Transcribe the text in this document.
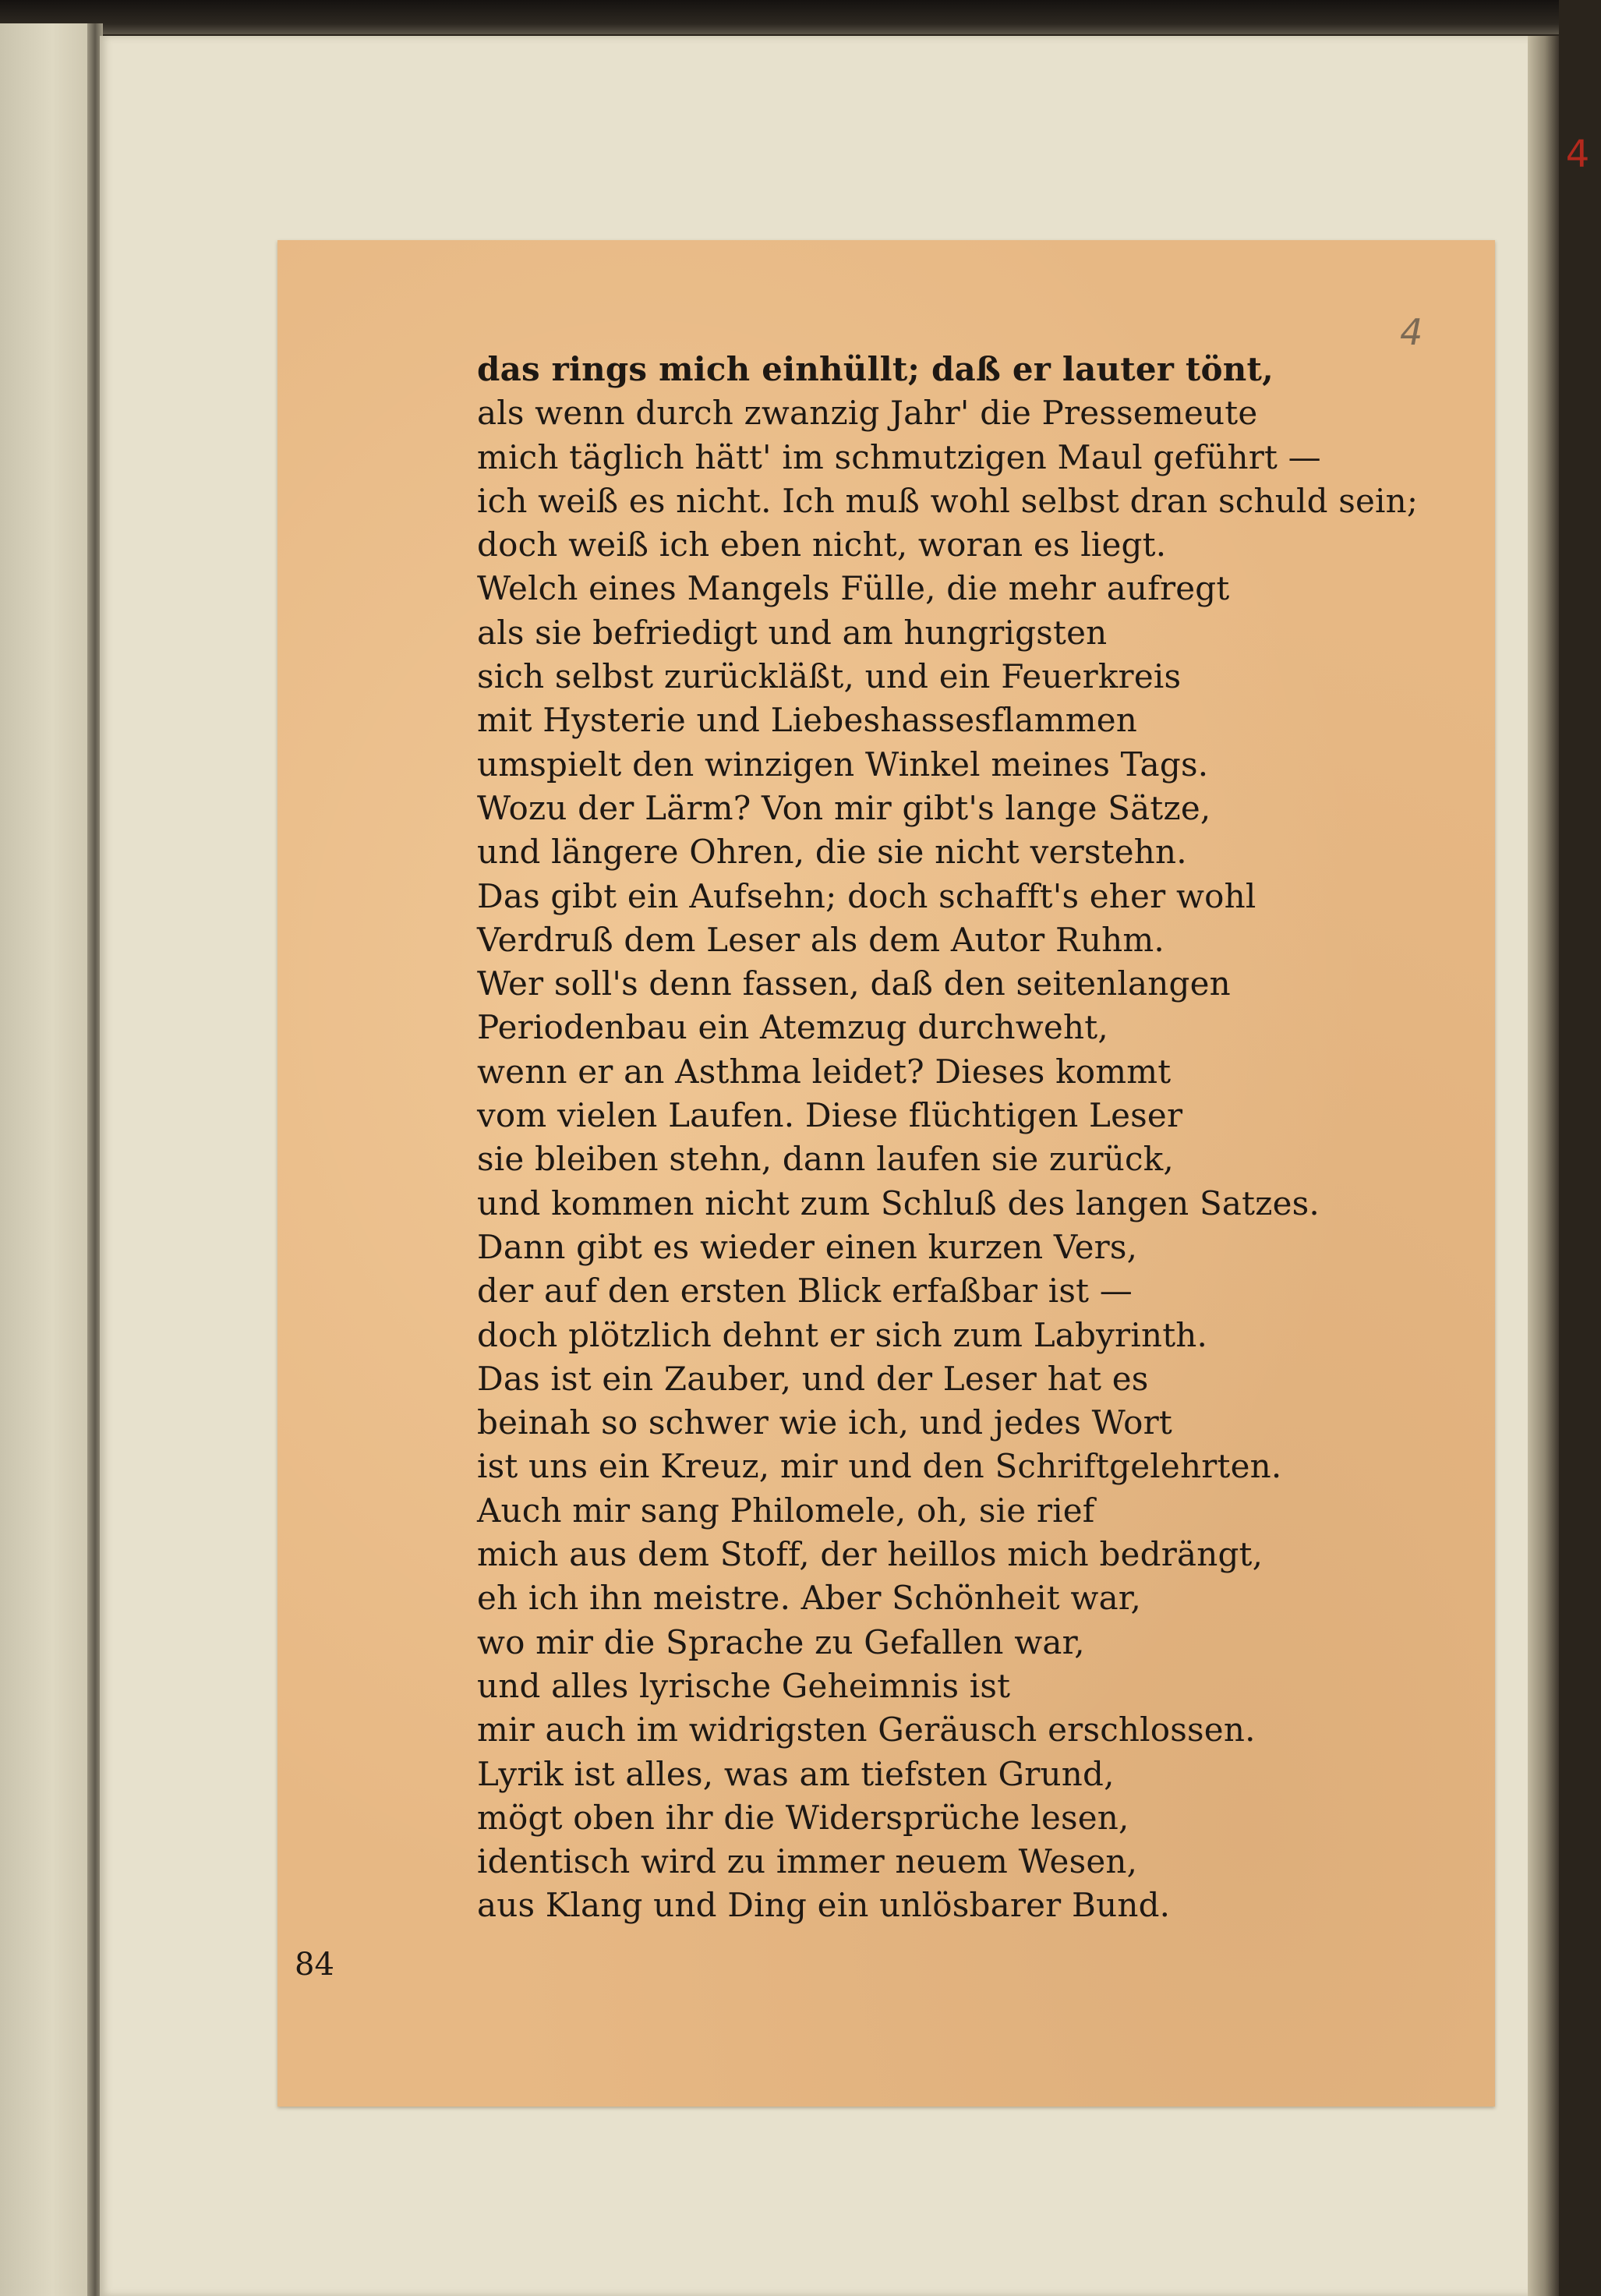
4
4
das rings mich einhüllt; daß er lauter tönt,
als wenn durch zwanzig Jahr' die Pressemeute
mich täglich hätt' im schmutzigen Maul geführt —
ich weiß es nicht. Ich muß wohl selbst dran schuld sein;
doch weiß ich eben nicht, woran es liegt.
Welch eines Mangels Fülle, die mehr aufregt
als sie befriedigt und am hungrigsten
sich selbst zurückläßt, und ein Feuerkreis
mit Hysterie und Liebeshassesflammen
umspielt den winzigen Winkel meines Tags.
Wozu der Lärm? Von mir gibt's lange Sätze,
und längere Ohren, die sie nicht verstehn.
Das gibt ein Aufsehn; doch schafft's eher wohl
Verdruß dem Leser als dem Autor Ruhm.
Wer soll's denn fassen, daß den seitenlangen
Periodenbau ein Atemzug durchweht,
wenn er an Asthma leidet? Dieses kommt
vom vielen Laufen. Diese flüchtigen Leser
sie bleiben stehn, dann laufen sie zurück,
und kommen nicht zum Schluß des langen Satzes.
Dann gibt es wieder einen kurzen Vers,
der auf den ersten Blick erfaßbar ist —
doch plötzlich dehnt er sich zum Labyrinth.
Das ist ein Zauber, und der Leser hat es
beinah so schwer wie ich, und jedes Wort
ist uns ein Kreuz, mir und den Schriftgelehrten.
Auch mir sang Philomele, oh, sie rief
mich aus dem Stoff, der heillos mich bedrängt,
eh ich ihn meistre. Aber Schönheit war,
wo mir die Sprache zu Gefallen war,
und alles lyrische Geheimnis ist
mir auch im widrigsten Geräusch erschlossen.
Lyrik ist alles, was am tiefsten Grund,
mögt oben ihr die Widersprüche lesen,
identisch wird zu immer neuem Wesen,
aus Klang und Ding ein unlösbarer Bund.
84
